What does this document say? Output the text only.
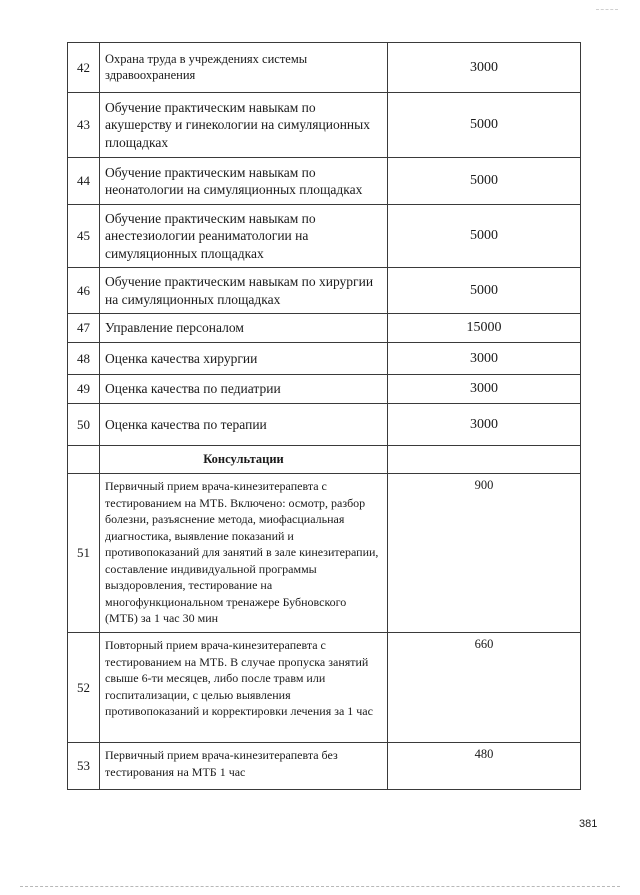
42	Охрана труда в учреждениях системы здравоохранения	3000
43	Обучение практическим навыкам по акушерству и гинекологии на симуляционных площадках	5000
44	Обучение практическим навыкам по неонатологии на симуляционных площадках	5000
45	Обучение практическим навыкам по анестезиологии реаниматологии на симуляционных площадках	5000
46	Обучение практическим навыкам по хирургии на симуляционных площадках	5000
47	Управление персоналом	15000
48	Оценка качества хирургии	3000
49	Оценка качества по педиатрии	3000
50	Оценка качества по терапии	3000
	Консультации	
51	Первичный прием врача-кинезитерапевта с тестированием на МТБ. Включено: осмотр, разбор болезни, разъяснение метода, миофасциальная диагностика, выявление показаний и противопоказаний для занятий в зале кинезитерапии, составление индивидуальной программы выздоровления, тестирование на многофункциональном тренажере Бубновского (МТБ) за 1 час 30 мин	900
52	Повторный прием врача-кинезитерапевта с тестированием на МТБ. В случае пропуска занятий свыше 6-ти месяцев, либо после травм или госпитализации, с целью выявления противопоказаний и корректировки лечения за 1 час	660
53	Первичный прием врача-кинезитерапевта без тестирования на МТБ 1 час	480
381
